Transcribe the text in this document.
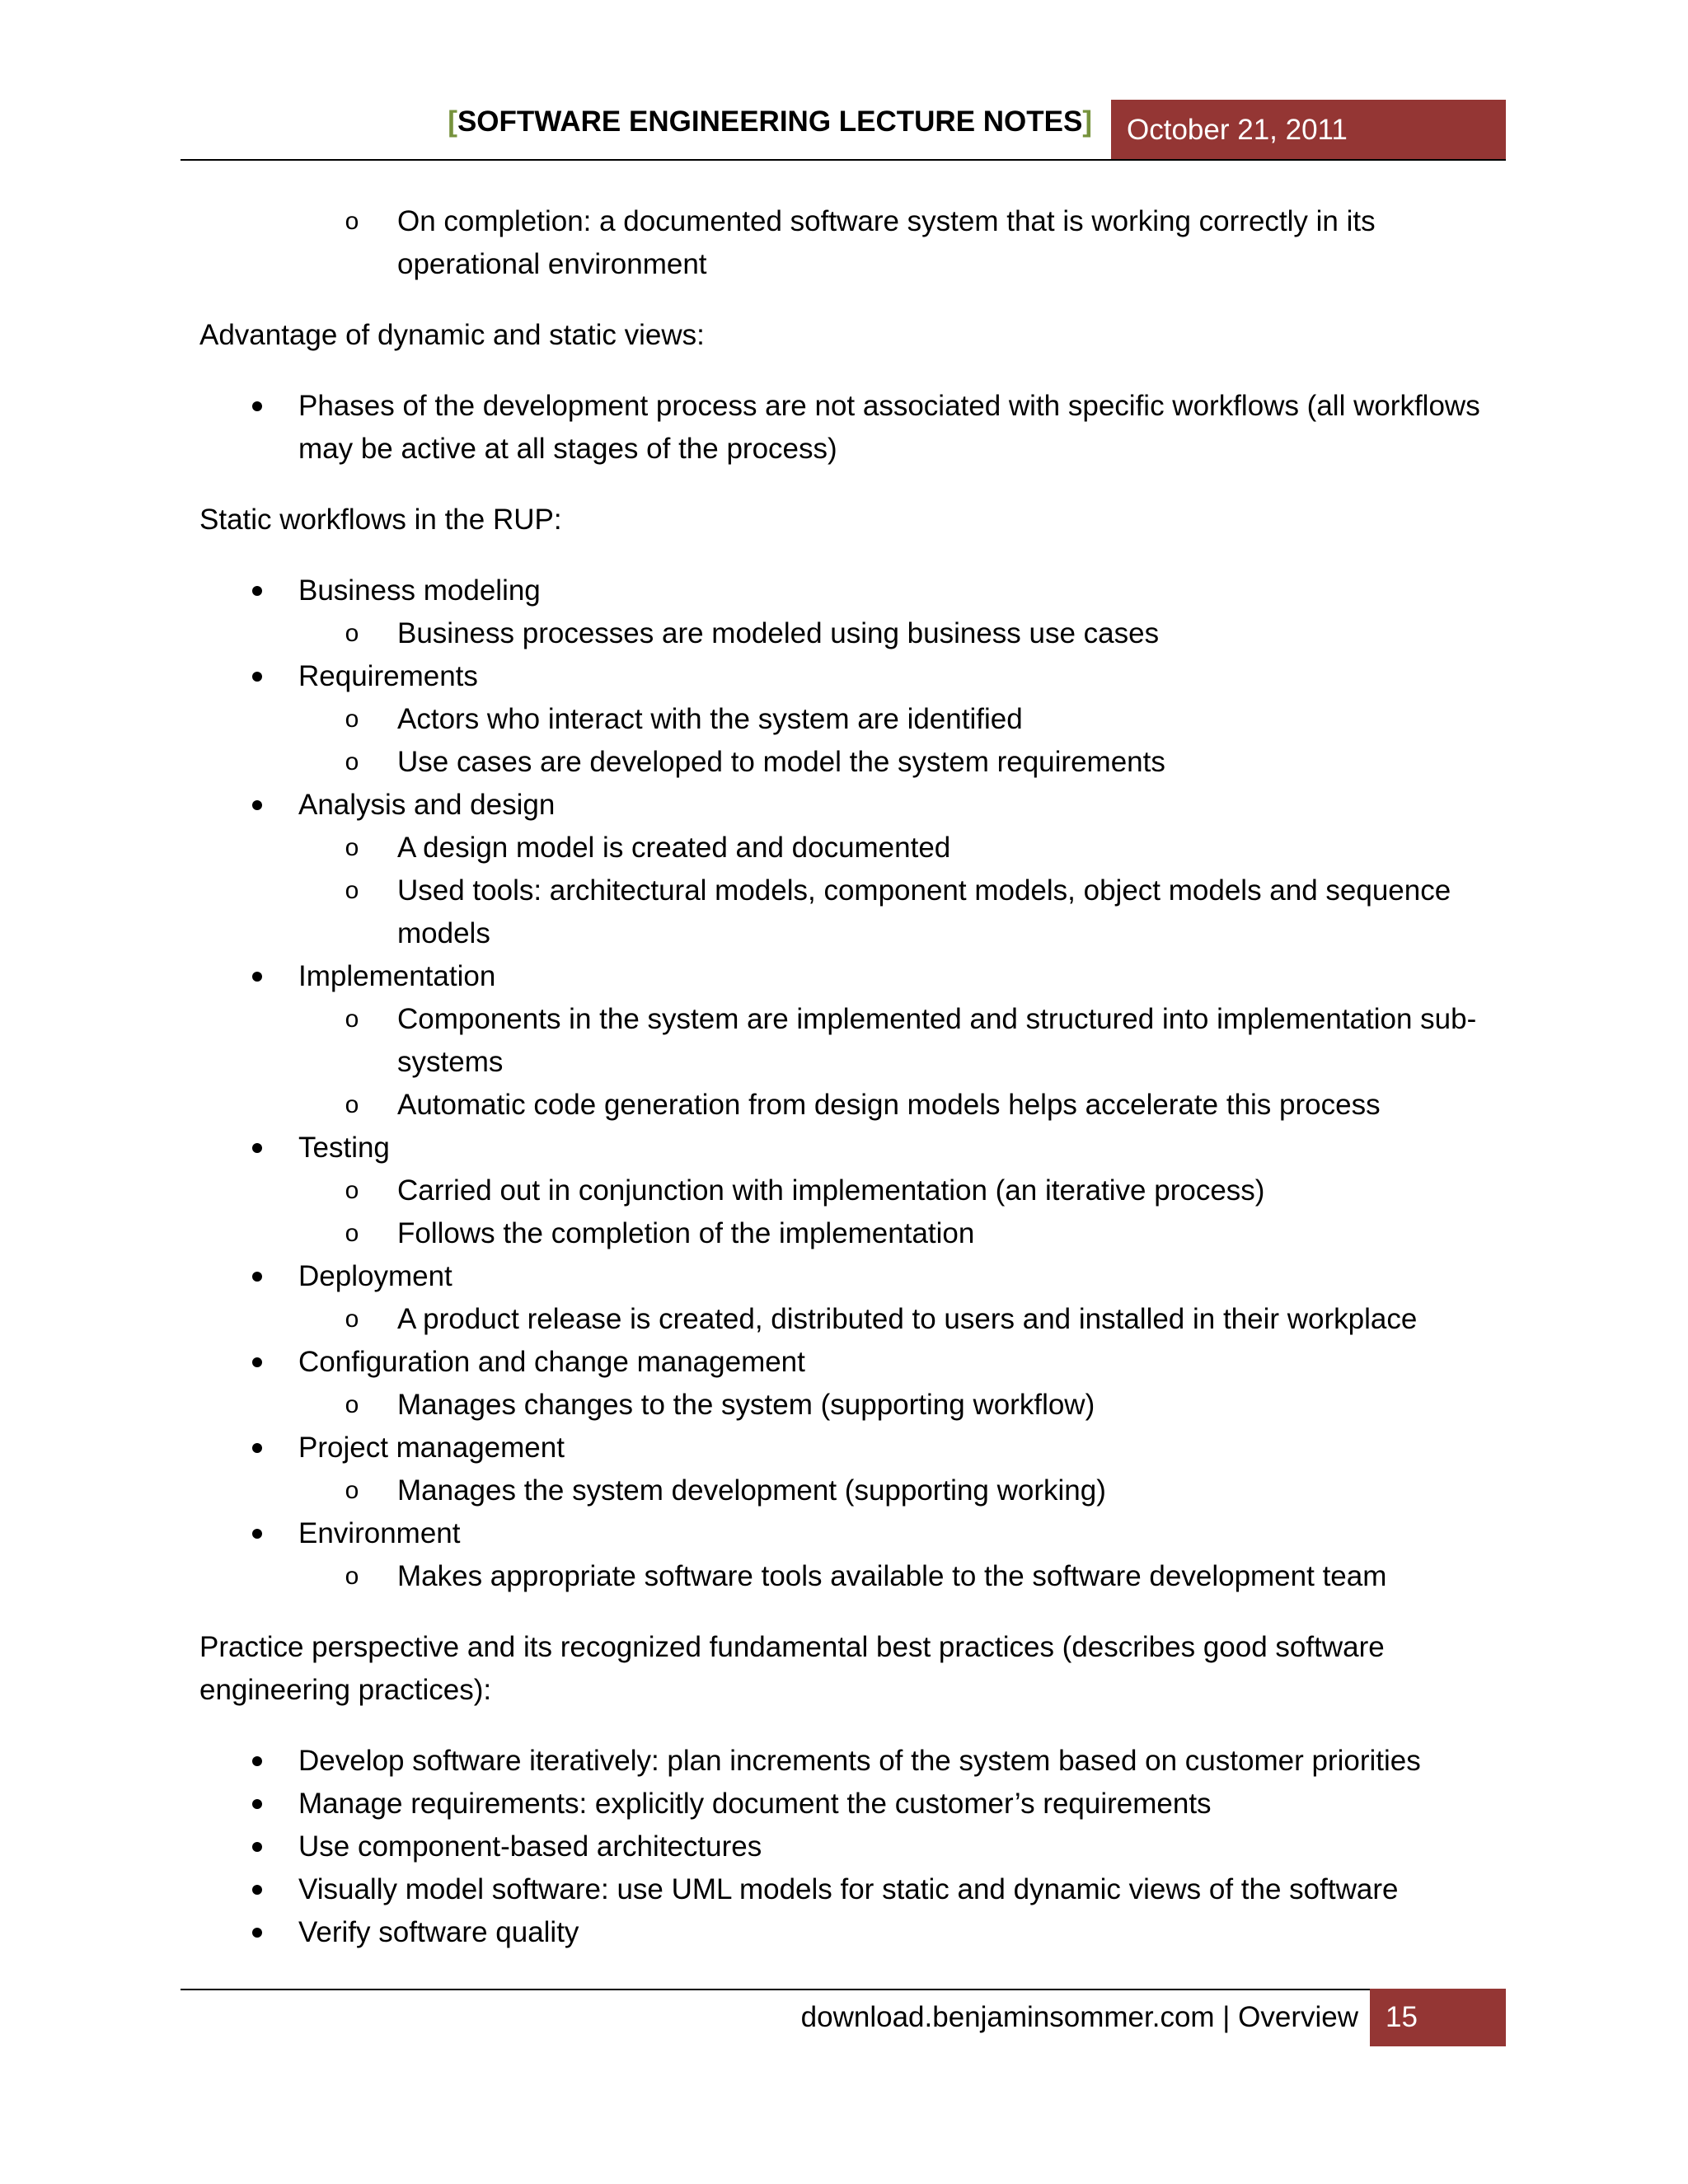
[SOFTWARE ENGINEERING LECTURE NOTES] October 21, 2011
o On completion: a documented software system that is working correctly in its operational environment

Advantage of dynamic and static views:

Phases of the development process are not associated with specific workflows (all workflows may be active at all stages of the process)

Static workflows in the RUP:

Business modeling
o Business processes are modeled using business use cases
Requirements
o Actors who interact with the system are identified
o Use cases are developed to model the system requirements
Analysis and design
o A design model is created and documented
o Used tools: architectural models, component models, object models and sequence models
Implementation
o Components in the system are implemented and structured into implementation sub-systems
o Automatic code generation from design models helps accelerate this process
Testing
o Carried out in conjunction with implementation (an iterative process)
o Follows the completion of the implementation
Deployment
o A product release is created, distributed to users and installed in their workplace
Configuration and change management
o Manages changes to the system (supporting workflow)
Project management
o Manages the system development (supporting working)
Environment
o Makes appropriate software tools available to the software development team

Practice perspective and its recognized fundamental best practices (describes good software engineering practices):

Develop software iteratively: plan increments of the system based on customer priorities
Manage requirements: explicitly document the customer’s requirements
Use component-based architectures
Visually model software: use UML models for static and dynamic views of the software
Verify software quality
download.benjaminsommer.com | Overview 15
